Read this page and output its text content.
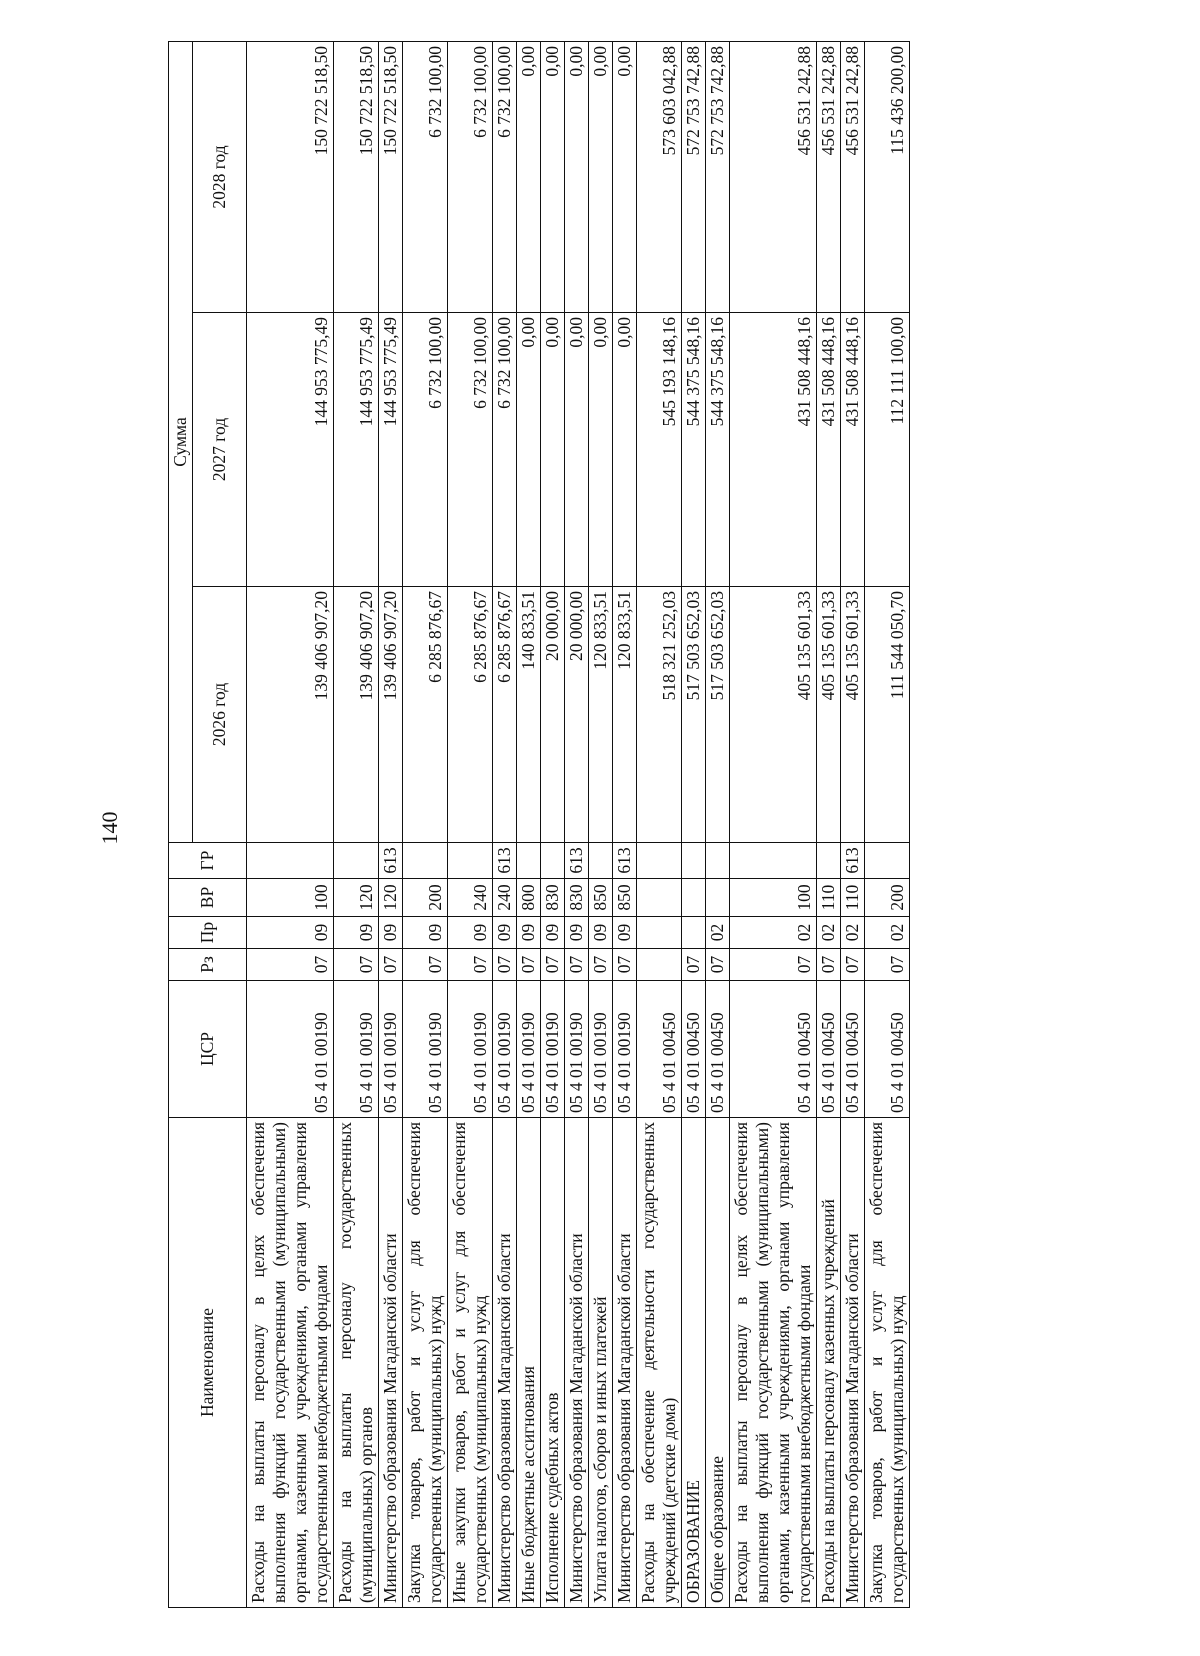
140
Наименование	ЦСР	Рз	Пр	ВР	ГР	Сумма		
						2026 год	2027 год	2028 год
Расходы на выплаты персоналу в целях обеспечения выполнения функций государственными (муниципальными) органами, казенными учреждениями, органами управления государственными внебюджетными фондами	05 4 01 00190	07	09	100		139 406 907,20	144 953 775,49	150 722 518,50
Расходы на выплаты персоналу государственных (муниципальных) органов	05 4 01 00190	07	09	120		139 406 907,20	144 953 775,49	150 722 518,50
Министерство образования Магаданской области	05 4 01 00190	07	09	120	613	139 406 907,20	144 953 775,49	150 722 518,50
Закупка товаров, работ и услуг для обеспечения государственных (муниципальных) нужд	05 4 01 00190	07	09	200		6 285 876,67	6 732 100,00	6 732 100,00
Иные закупки товаров, работ и услуг для обеспечения государственных (муниципальных) нужд	05 4 01 00190	07	09	240		6 285 876,67	6 732 100,00	6 732 100,00
Министерство образования Магаданской области	05 4 01 00190	07	09	240	613	6 285 876,67	6 732 100,00	6 732 100,00
Иные бюджетные ассигнования	05 4 01 00190	07	09	800		140 833,51	0,00	0,00
Исполнение судебных актов	05 4 01 00190	07	09	830		20 000,00	0,00	0,00
Министерство образования Магаданской области	05 4 01 00190	07	09	830	613	20 000,00	0,00	0,00
Уплата налогов, сборов и иных платежей	05 4 01 00190	07	09	850		120 833,51	0,00	0,00
Министерство образования Магаданской области	05 4 01 00190	07	09	850	613	120 833,51	0,00	0,00
Расходы на обеспечение деятельности государственных учреждений (детские дома)	05 4 01 00450					518 321 252,03	545 193 148,16	573 603 042,88
ОБРАЗОВАНИЕ	05 4 01 00450	07				517 503 652,03	544 375 548,16	572 753 742,88
Общее образование	05 4 01 00450	07	02			517 503 652,03	544 375 548,16	572 753 742,88
Расходы на выплаты персоналу в целях обеспечения выполнения функций государственными (муниципальными) органами, казенными учреждениями, органами управления государственными внебюджетными фондами	05 4 01 00450	07	02	100		405 135 601,33	431 508 448,16	456 531 242,88
Расходы на выплаты персоналу казенных учреждений	05 4 01 00450	07	02	110		405 135 601,33	431 508 448,16	456 531 242,88
Министерство образования Магаданской области	05 4 01 00450	07	02	110	613	405 135 601,33	431 508 448,16	456 531 242,88
Закупка товаров, работ и услуг для обеспечения государственных (муниципальных) нужд	05 4 01 00450	07	02	200		111 544 050,70	112 111 100,00	115 436 200,00
